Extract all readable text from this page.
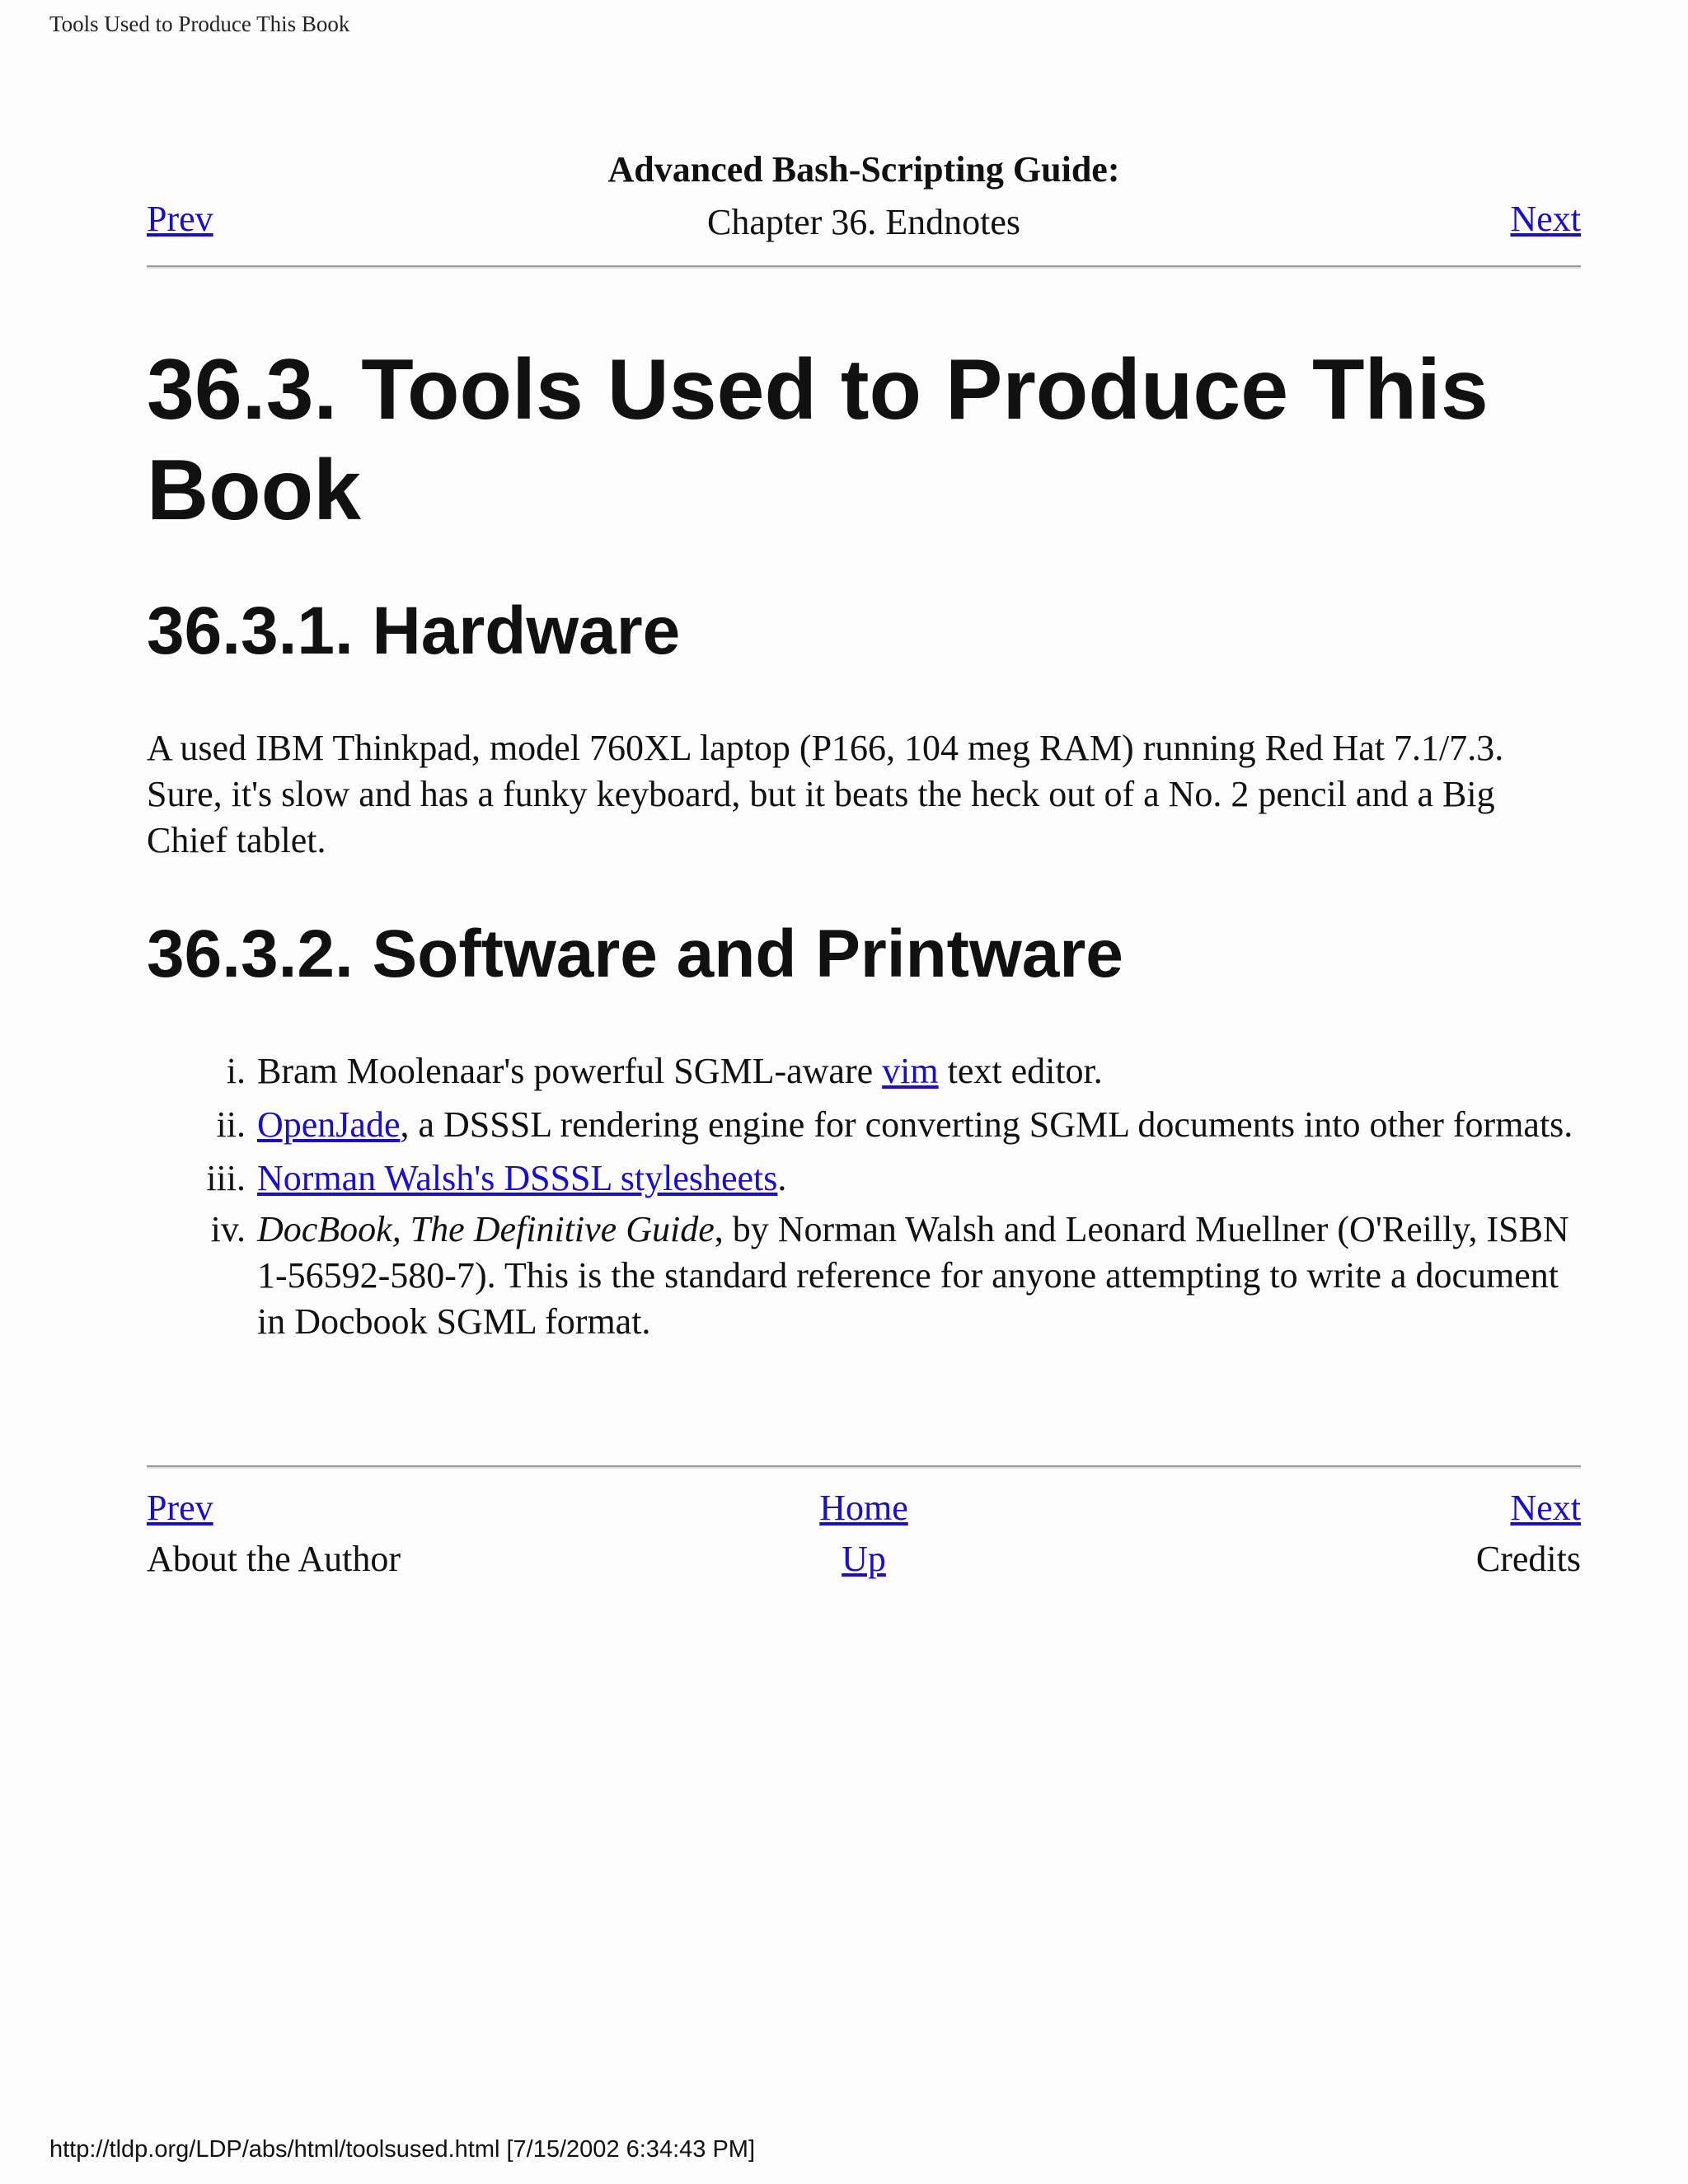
Tools Used to Produce This Book
Advanced Bash-Scripting Guide:
Chapter 36. Endnotes
Prev	Next
36.3. Tools Used to Produce This Book
36.3.1. Hardware

A used IBM Thinkpad, model 760XL laptop (P166, 104 meg RAM) running Red Hat 7.1/7.3. Sure, it's slow and has a funky keyboard, but it beats the heck out of a No. 2 pencil and a Big Chief tablet.

36.3.2. Software and Printware
i. Bram Moolenaar's powerful SGML-aware vim text editor.
ii. OpenJade, a DSSSL rendering engine for converting SGML documents into other formats.
iii. Norman Walsh's DSSSL stylesheets.
iv. DocBook, The Definitive Guide, by Norman Walsh and Leonard Muellner (O'Reilly, ISBN 1-56592-580-7). This is the standard reference for anyone attempting to write a document in Docbook SGML format.
Prev	Home	Next
About the Author	Up	Credits
http://tldp.org/LDP/abs/html/toolsused.html [7/15/2002 6:34:43 PM]
